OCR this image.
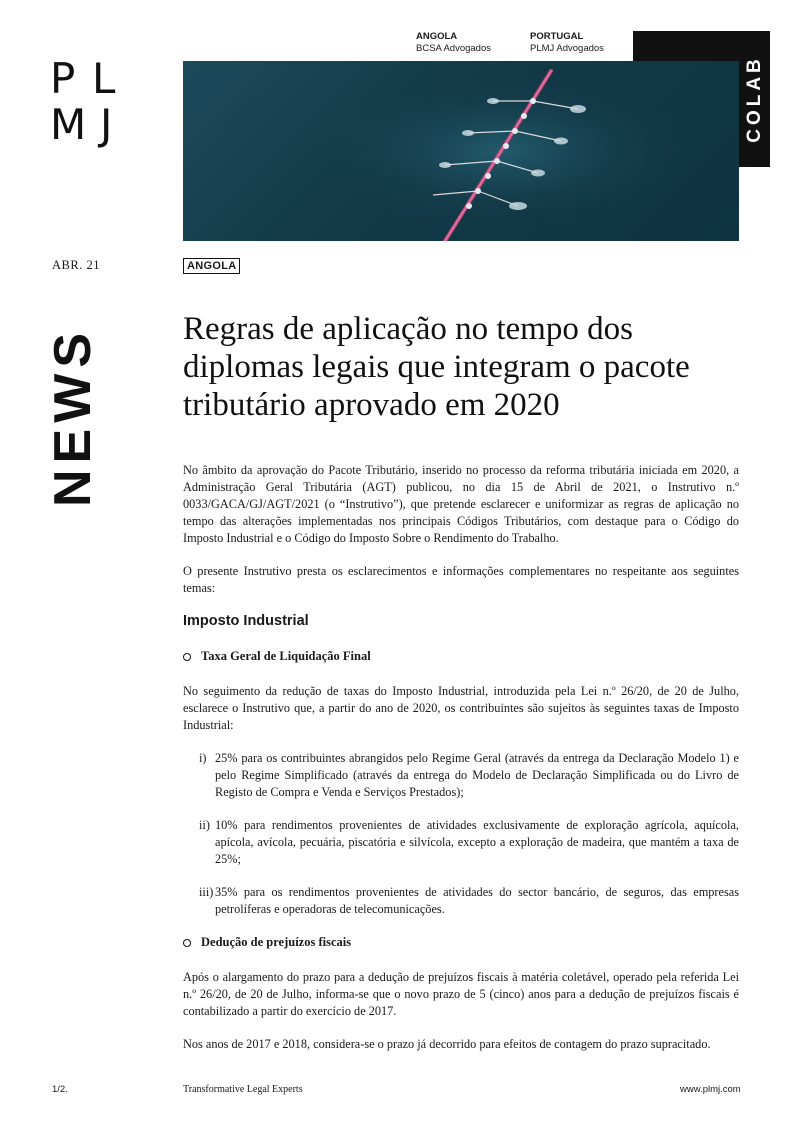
P L
M J
ANGOLA
BCSA Advogados
PORTUGAL
PLMJ Advogados
COLAB
ABR. 21	ANGOLA
NEWS Regras de aplicação no tempo dos diplomas legais que integram o pacote tributário aprovado em 2020

No âmbito da aprovação do Pacote Tributário, inserido no processo da reforma tributária iniciada em 2020, a Administração Geral Tributária (AGT) publicou, no dia 15 de Abril de 2021, o Instrutivo n.º 0033/GACA/GJ/AGT/2021 (o “Instrutivo”), que pretende esclarecer e uniformizar as regras de aplicação no tempo das alterações implementadas nos principais Códigos Tributários, com destaque para o Código do Imposto Industrial e o Código do Imposto Sobre o Rendimento do Trabalho.

O presente Instrutivo presta os esclarecimentos e informações complementares no respeitante aos seguintes temas:

Imposto Industrial
Taxa Geral de Liquidação Final

No seguimento da redução de taxas do Imposto Industrial, introduzida pela Lei n.º 26/20, de 20 de Julho, esclarece o Instrutivo que, a partir do ano de 2020, os contribuintes são sujeitos às seguintes taxas de Imposto Industrial:

i) 25% para os contribuintes abrangidos pelo Regime Geral (através da entrega da Declaração Modelo 1) e pelo Regime Simplificado (através da entrega do Modelo de Declaração Simplificada ou do Livro de Registo de Compra e Venda e Serviços Prestados);
ii) 10% para rendimentos provenientes de atividades exclusivamente de exploração agrícola, aquícola, apícola, avícola, pecuária, piscatória e silvícola, excepto a exploração de madeira, que mantém a taxa de 25%;
iii) 35% para os rendimentos provenientes de atividades do sector bancário, de seguros, das empresas petrolíferas e operadoras de telecomunicações.
Dedução de prejuízos fiscais

Após o alargamento do prazo para a dedução de prejuízos fiscais à matéria coletável, operado pela referida Lei n.º 26/20, de 20 de Julho, informa-se que o novo prazo de 5 (cinco) anos para a dedução de prejuízos fiscais é contabilizado a partir do exercício de 2017.

Nos anos de 2017 e 2018, considera-se o prazo já decorrido para efeitos de contagem do prazo supracitado.

1/2.	Transformative Legal Experts	www.plmj.com
